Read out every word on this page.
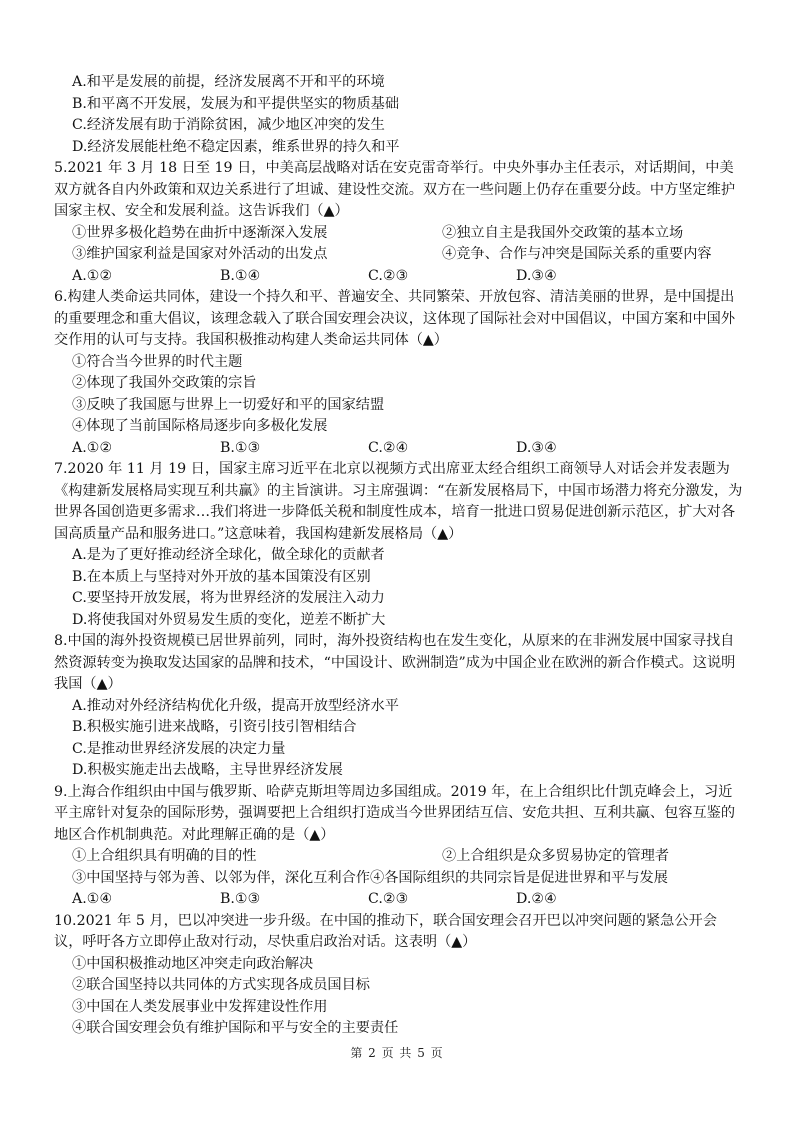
A.和平是发展的前提，经济发展离不开和平的环境
B.和平离不开发展，发展为和平提供坚实的物质基础
C.经济发展有助于消除贫困，减少地区冲突的发生
D.经济发展能杜绝不稳定因素，维系世界的持久和平
5.2021 年 3 月 18 日至 19 日，中美高层战略对话在安克雷奇举行。中央外事办主任表示，对话期间，中美双方就各自内外政策和双边关系进行了坦诚、建设性交流。双方在一些问题上仍存在重要分歧。中方坚定维护国家主权、安全和发展利益。这告诉我们（▲）
①世界多极化趋势在曲折中逐渐深入发展	②独立自主是我国外交政策的基本立场
③维护国家利益是国家对外活动的出发点	④竞争、合作与冲突是国际关系的重要内容
A.①②	B.①④	C.②③	D.③④
6.构建人类命运共同体，建设一个持久和平、普遍安全、共同繁荣、开放包容、清洁美丽的世界，是中国提出的重要理念和重大倡议，该理念载入了联合国安理会决议，这体现了国际社会对中国倡议，中国方案和中国外交作用的认可与支持。我国积极推动构建人类命运共同体（▲）
①符合当今世界的时代主题
②体现了我国外交政策的宗旨
③反映了我国愿与世界上一切爱好和平的国家结盟
④体现了当前国际格局逐步向多极化发展
A.①②	B.①③	C.②④	D.③④
7.2020 年 11 月 19 日，国家主席习近平在北京以视频方式出席亚太经合组织工商领导人对话会并发表题为《构建新发展格局实现互利共赢》的主旨演讲。习主席强调：“在新发展格局下，中国市场潜力将充分激发，为世界各国创造更多需求…我们将进一步降低关税和制度性成本，培育一批进口贸易促进创新示范区，扩大对各国高质量产品和服务进口。”这意味着，我国构建新发展格局（▲）
A.是为了更好推动经济全球化，做全球化的贡献者
B.在本质上与坚持对外开放的基本国策没有区别
C.要坚持开放发展，将为世界经济的发展注入动力
D.将使我国对外贸易发生质的变化，逆差不断扩大
8.中国的海外投资规模已居世界前列，同时，海外投资结构也在发生变化，从原来的在非洲发展中国家寻找自然资源转变为换取发达国家的品牌和技术，“中国设计、欧洲制造”成为中国企业在欧洲的新合作模式。这说明我国（▲）
A.推动对外经济结构优化升级，提高开放型经济水平
B.积极实施引进来战略，引资引技引智相结合
C.是推动世界经济发展的决定力量
D.积极实施走出去战略，主导世界经济发展
9.上海合作组织由中国与俄罗斯、哈萨克斯坦等周边多国组成。2019 年，在上合组织比什凯克峰会上，习近平主席针对复杂的国际形势，强调要把上合组织打造成当今世界团结互信、安危共担、互利共赢、包容互鉴的地区合作机制典范。对此理解正确的是（▲）
①上合组织具有明确的目的性	②上合组织是众多贸易协定的管理者
③中国坚持与邻为善、以邻为伴，深化互利合作④各国际组织的共同宗旨是促进世界和平与发展
A.①④	B.①③	C.②③	D.②④
10.2021 年 5 月，巴以冲突进一步升级。在中国的推动下，联合国安理会召开巴以冲突问题的紧急公开会议，呼吁各方立即停止敌对行动，尽快重启政治对话。这表明（▲）
①中国积极推动地区冲突走向政治解决
②联合国坚持以共同体的方式实现各成员国目标
③中国在人类发展事业中发挥建设性作用
④联合国安理会负有维护国际和平与安全的主要责任
第 2 页 共 5 页
